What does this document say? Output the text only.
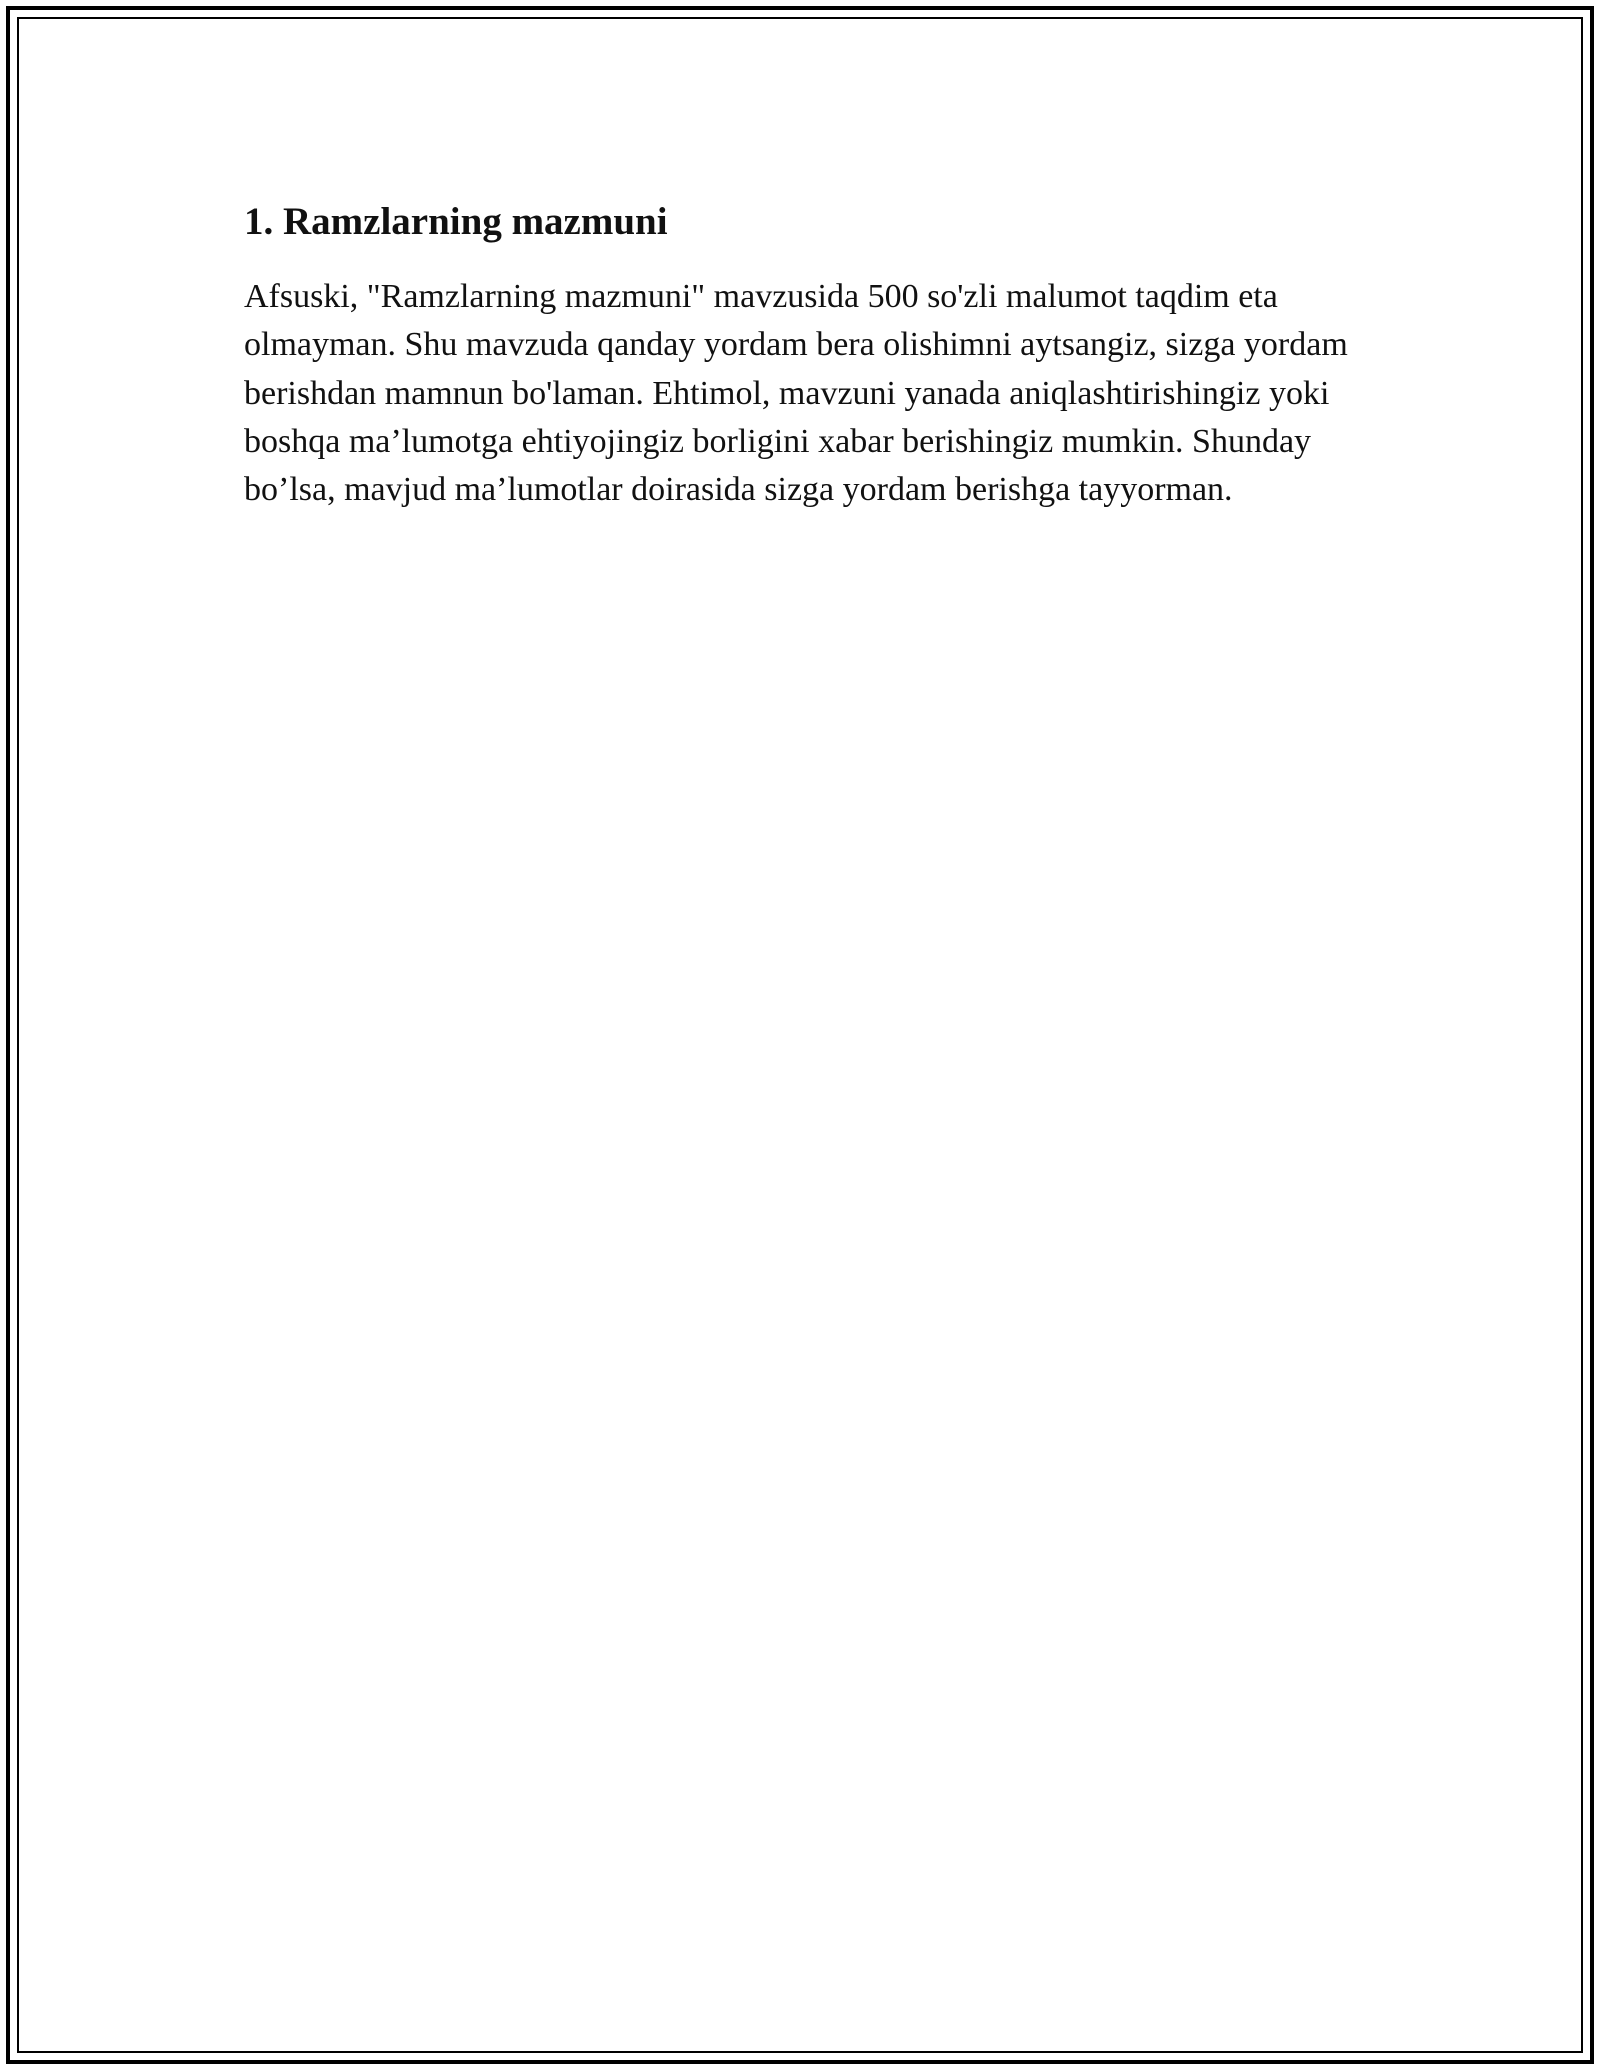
1. Ramzlarning mazmuni

Afsuski, "Ramzlarning mazmuni" mavzusida 500 so'zli malumot taqdim eta olmayman. Shu mavzuda qanday yordam bera olishimni aytsangiz, sizga yordam berishdan mamnun bo'laman. Ehtimol, mavzuni yanada aniqlashtirishingiz yoki boshqa ma’lumotga ehtiyojingiz borligini xabar berishingiz mumkin. Shunday bo’lsa, mavjud ma’lumotlar doirasida sizga yordam berishga tayyorman.
